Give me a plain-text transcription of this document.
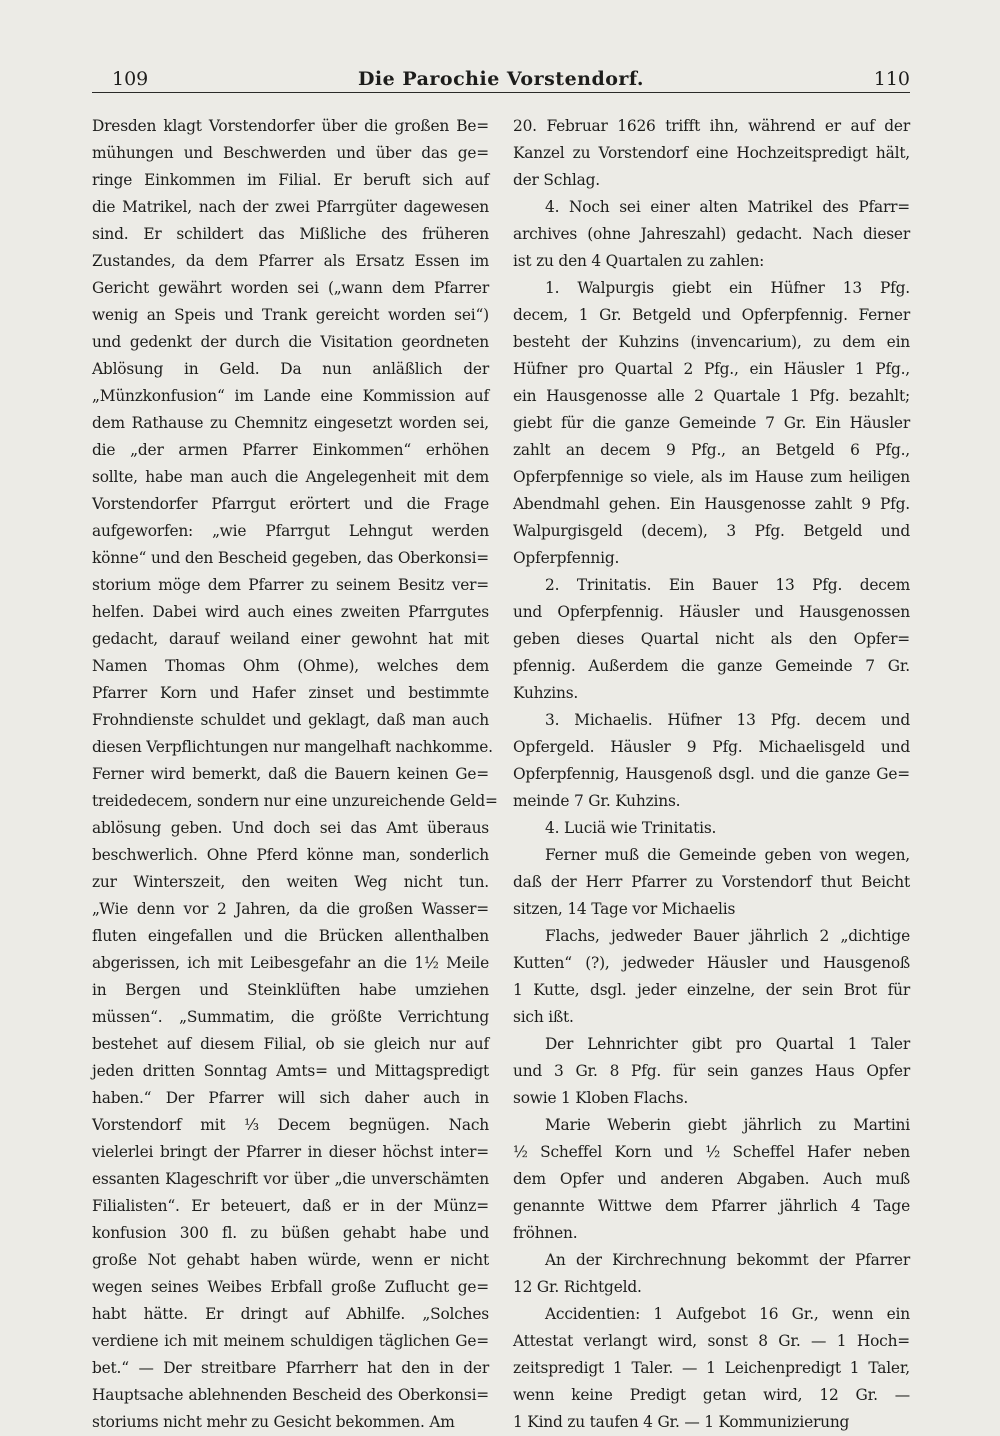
109	Die Parochie Vorstendorf.	110
Dresden klagt Vorstendorfer über die großen Be=
mühungen und Beschwerden und über das ge=
ringe Einkommen im Filial. Er beruft sich auf
die Matrikel, nach der zwei Pfarrgüter dagewesen
sind. Er schildert das Mißliche des früheren
Zustandes, da dem Pfarrer als Ersatz Essen im
Gericht gewährt worden sei („wann dem Pfarrer
wenig an Speis und Trank gereicht worden sei“)
und gedenkt der durch die Visitation geordneten
Ablösung in Geld. Da nun anläßlich der
„Münzkonfusion“ im Lande eine Kommission auf
dem Rathause zu Chemnitz eingesetzt worden sei,
die „der armen Pfarrer Einkommen“ erhöhen
sollte, habe man auch die Angelegenheit mit dem
Vorstendorfer Pfarrgut erörtert und die Frage
aufgeworfen: „wie Pfarrgut Lehngut werden
könne“ und den Bescheid gegeben, das Oberkonsi=
storium möge dem Pfarrer zu seinem Besitz ver=
helfen. Dabei wird auch eines zweiten Pfarrgutes
gedacht, darauf weiland einer gewohnt hat mit
Namen Thomas Ohm (Ohme), welches dem
Pfarrer Korn und Hafer zinset und bestimmte
Frohndienste schuldet und geklagt, daß man auch
diesen Verpflichtungen nur mangelhaft nachkomme.
Ferner wird bemerkt, daß die Bauern keinen Ge=
treidedecem, sondern nur eine unzureichende Geld=
ablösung geben. Und doch sei das Amt überaus
beschwerlich. Ohne Pferd könne man, sonderlich
zur Winterszeit, den weiten Weg nicht tun.
„Wie denn vor 2 Jahren, da die großen Wasser=
fluten eingefallen und die Brücken allenthalben
abgerissen, ich mit Leibesgefahr an die 1½ Meile
in Bergen und Steinklüften habe umziehen
müssen“. „Summatim, die größte Verrichtung
bestehet auf diesem Filial, ob sie gleich nur auf
jeden dritten Sonntag Amts= und Mittagspredigt
haben.“ Der Pfarrer will sich daher auch in
Vorstendorf mit ⅓ Decem begnügen. Nach
vielerlei bringt der Pfarrer in dieser höchst inter=
essanten Klageschrift vor über „die unverschämten
Filialisten“. Er beteuert, daß er in der Münz=
konfusion 300 fl. zu büßen gehabt habe und
große Not gehabt haben würde, wenn er nicht
wegen seines Weibes Erbfall große Zuflucht ge=
habt hätte. Er dringt auf Abhilfe. „Solches
verdiene ich mit meinem schuldigen täglichen Ge=
bet.“ — Der streitbare Pfarrherr hat den in der
Hauptsache ablehnenden Bescheid des Oberkonsi=
storiums nicht mehr zu Gesicht bekommen. Am
20. Februar 1626 trifft ihn, während er auf der
Kanzel zu Vorstendorf eine Hochzeitspredigt hält,
der Schlag.
4. Noch sei einer alten Matrikel des Pfarr=
archives (ohne Jahreszahl) gedacht. Nach dieser
ist zu den 4 Quartalen zu zahlen:
1. Walpurgis giebt ein Hüfner 13 Pfg.
decem, 1 Gr. Betgeld und Opferpfennig. Ferner
besteht der Kuhzins (invencarium), zu dem ein
Hüfner pro Quartal 2 Pfg., ein Häusler 1 Pfg.,
ein Hausgenosse alle 2 Quartale 1 Pfg. bezahlt;
giebt für die ganze Gemeinde 7 Gr. Ein Häusler
zahlt an decem 9 Pfg., an Betgeld 6 Pfg.,
Opferpfennige so viele, als im Hause zum heiligen
Abendmahl gehen. Ein Hausgenosse zahlt 9 Pfg.
Walpurgisgeld (decem), 3 Pfg. Betgeld und
Opferpfennig.
2. Trinitatis. Ein Bauer 13 Pfg. decem
und Opferpfennig. Häusler und Hausgenossen
geben dieses Quartal nicht als den Opfer=
pfennig. Außerdem die ganze Gemeinde 7 Gr.
Kuhzins.
3. Michaelis. Hüfner 13 Pfg. decem und
Opfergeld. Häusler 9 Pfg. Michaelisgeld und
Opferpfennig, Hausgenoß dsgl. und die ganze Ge=
meinde 7 Gr. Kuhzins.
4. Luciä wie Trinitatis.
Ferner muß die Gemeinde geben von wegen,
daß der Herr Pfarrer zu Vorstendorf thut Beicht
sitzen, 14 Tage vor Michaelis
Flachs, jedweder Bauer jährlich 2 „dichtige
Kutten“ (?), jedweder Häusler und Hausgenoß
1 Kutte, dsgl. jeder einzelne, der sein Brot für
sich ißt.
Der Lehnrichter gibt pro Quartal 1 Taler
und 3 Gr. 8 Pfg. für sein ganzes Haus Opfer
sowie 1 Kloben Flachs.
Marie Weberin giebt jährlich zu Martini
½ Scheffel Korn und ½ Scheffel Hafer neben
dem Opfer und anderen Abgaben. Auch muß
genannte Wittwe dem Pfarrer jährlich 4 Tage
fröhnen.
An der Kirchrechnung bekommt der Pfarrer
12 Gr. Richtgeld.
Accidentien: 1 Aufgebot 16 Gr., wenn ein
Attestat verlangt wird, sonst 8 Gr. — 1 Hoch=
zeitspredigt 1 Taler. — 1 Leichenpredigt 1 Taler,
wenn keine Predigt getan wird, 12 Gr. —
1 Kind zu taufen 4 Gr. — 1 Kommunizierung
